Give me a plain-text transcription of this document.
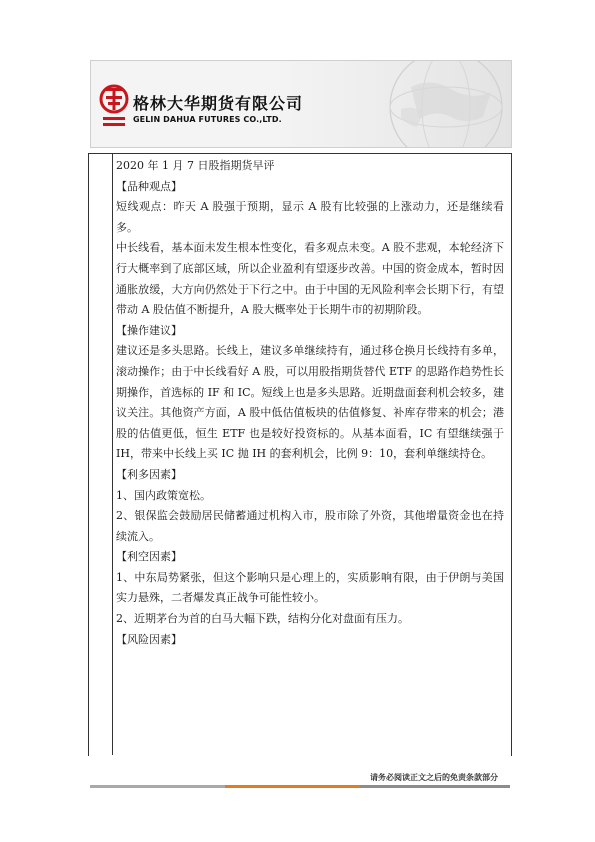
格林大华期货有限公司
GELIN DAHUA FUTURES CO.,LTD.

2020 年 1 月 7 日股指期货早评

【品种观点】

短线观点：昨天 A 股强于预期，显示 A 股有比较强的上涨动力，还是继续看多。

中长线看，基本面未发生根本性变化，看多观点未变。A 股不悲观，本轮经济下行大概率到了底部区域，所以企业盈利有望逐步改善。中国的资金成本，暂时因通胀放缓，大方向仍然处于下行之中。由于中国的无风险利率会长期下行，有望带动 A 股估值不断提升，A 股大概率处于长期牛市的初期阶段。

【操作建议】

建议还是多头思路。长线上，建议多单继续持有，通过移仓换月长线持有多单，滚动操作；由于中长线看好 A 股，可以用股指期货替代 ETF 的思路作趋势性长期操作，首选标的 IF 和 IC。短线上也是多头思路。近期盘面套利机会较多，建议关注。其他资产方面，A 股中低估值板块的估值修复、补库存带来的机会；港股的估值更低，恒生 ETF 也是较好投资标的。从基本面看，IC 有望继续强于 IH，带来中长线上买 IC 抛 IH 的套利机会，比例 9：10，套利单继续持仓。

【利多因素】

1、国内政策宽松。

2、银保监会鼓励居民储蓄通过机构入市，股市除了外资，其他增量资金也在持续流入。

【利空因素】

1、中东局势紧张，但这个影响只是心理上的，实质影响有限，由于伊朗与美国实力悬殊，二者爆发真正战争可能性较小。

2、近期茅台为首的白马大幅下跌，结构分化对盘面有压力。

【风险因素】

请务必阅读正文之后的免责条款部分
